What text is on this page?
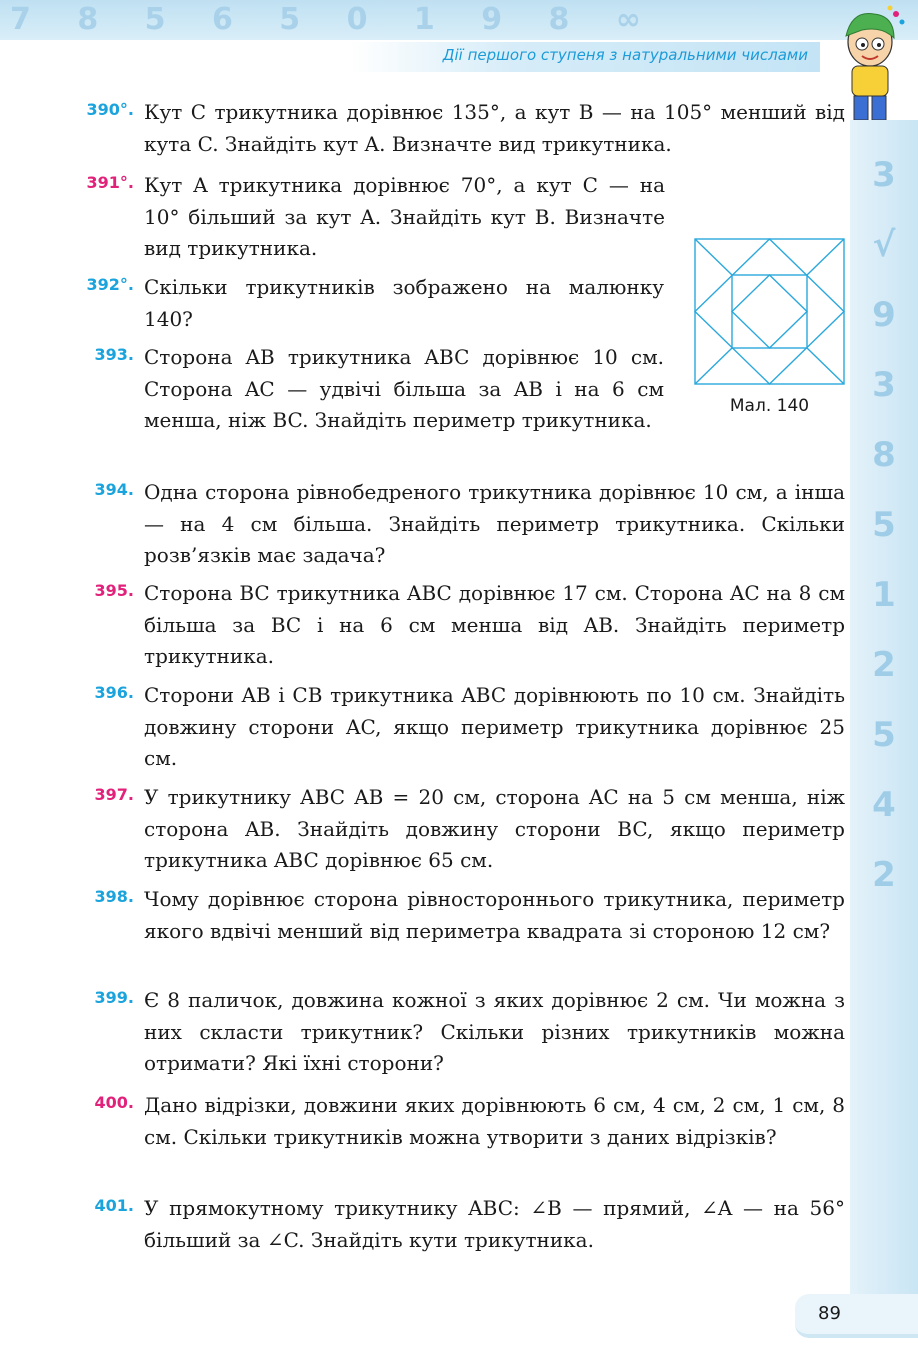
7 8 5 6 5 0 1 9 8 ∞
Дії першого ступеня з натуральними числами
3
√
9
3
8
5
1
2
5
4
2
390°. Кут C трикутника дорівнює 135°, а кут B — на 105° менший від кута C. Знайдіть кут A. Визначте вид трикутника.
391°. Кут A трикутника дорівнює 70°, а кут C — на 10° більший за кут A. Знайдіть кут B. Визначте вид трикутника.
392°. Скільки трикутників зображено на малюнку 140?
393. Сторона AB трикутника ABC дорівнює 10 см. Сторона AC — удвічі більша за AB і на 6 см менша, ніж BC. Знайдіть периметр трикутника.
394. Одна сторона рівнобедреного трикутника дорівнює 10 см, а інша — на 4 см більша. Знайдіть периметр трикутника. Скільки розв’язків має задача?
395. Сторона BC трикутника ABC дорівнює 17 см. Сторона AC на 8 см більша за BC і на 6 см менша від AB. Знайдіть периметр трикутника.
396. Сторони AB і CB трикутника ABC дорівнюють по 10 см. Знайдіть довжину сторони AC, якщо периметр трикутника дорівнює 25 см.
397. У трикутнику ABC AB = 20 см, сторона AC на 5 см менша, ніж сторона AB. Знайдіть довжину сторони BC, якщо периметр трикутника ABC дорівнює 65 см.
398. Чому дорівнює сторона рівностороннього трикутника, периметр якого вдвічі менший від периметра квадрата зі стороною 12 см?
399. Є 8 паличок, довжина кожної з яких дорівнює 2 см. Чи можна з них скласти трикутник? Скільки різних трикутників можна отримати? Які їхні сторони?
400. Дано відрізки, довжини яких дорівнюють 6 см, 4 см, 2 см, 1 см, 8 см. Скільки трикутників можна утворити з даних відрізків?
401. У прямокутному трикутнику ABC: ∠B — прямий, ∠A — на 56° більший за ∠C. Знайдіть кути трикутника.
Мал. 140
89
